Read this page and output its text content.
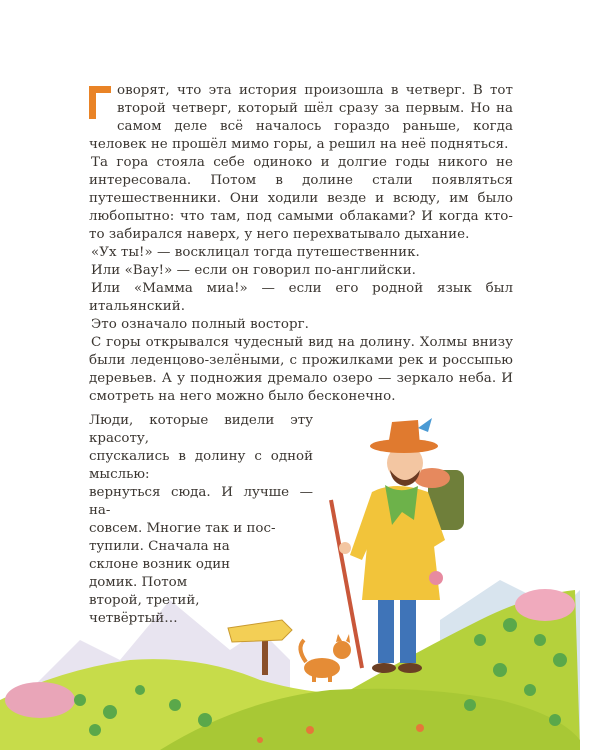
оворят, что эта история произошла в четверг. В тот второй четверг, который шёл сразу за первым. Но на самом деле всё началось гораздо раньше, когда человек не прошёл мимо горы, а решил на неё подняться.

Та гора стояла себе одиноко и долгие годы никого не интересовала. Потом в долине стали появляться путешественники. Они ходили везде и всюду, им было любопытно: что там, под самыми облаками? И когда кто-то забирался наверх, у него перехватывало дыхание.

«Ух ты!» — восклицал тогда путешественник.

Или «Вау!» — если он говорил по-английски.

Или «Мамма миа!» — если его родной язык был итальянский.

Это означало полный восторг.

С горы открывался чудесный вид на долину. Холмы внизу были леденцово-зелёными, с прожилками рек и россыпью деревьев. А у подножия дремало озеро — зеркало неба. И смотреть на него можно было бесконечно.

Люди, которые видели эту красоту,
спускались в долину с одной мыслью:
вернуться сюда. И лучше — на-
совсем. Многие так и пос-
тупили. Сначала на
склоне возник один
домик. Потом
второй, третий,
четвёртый…
